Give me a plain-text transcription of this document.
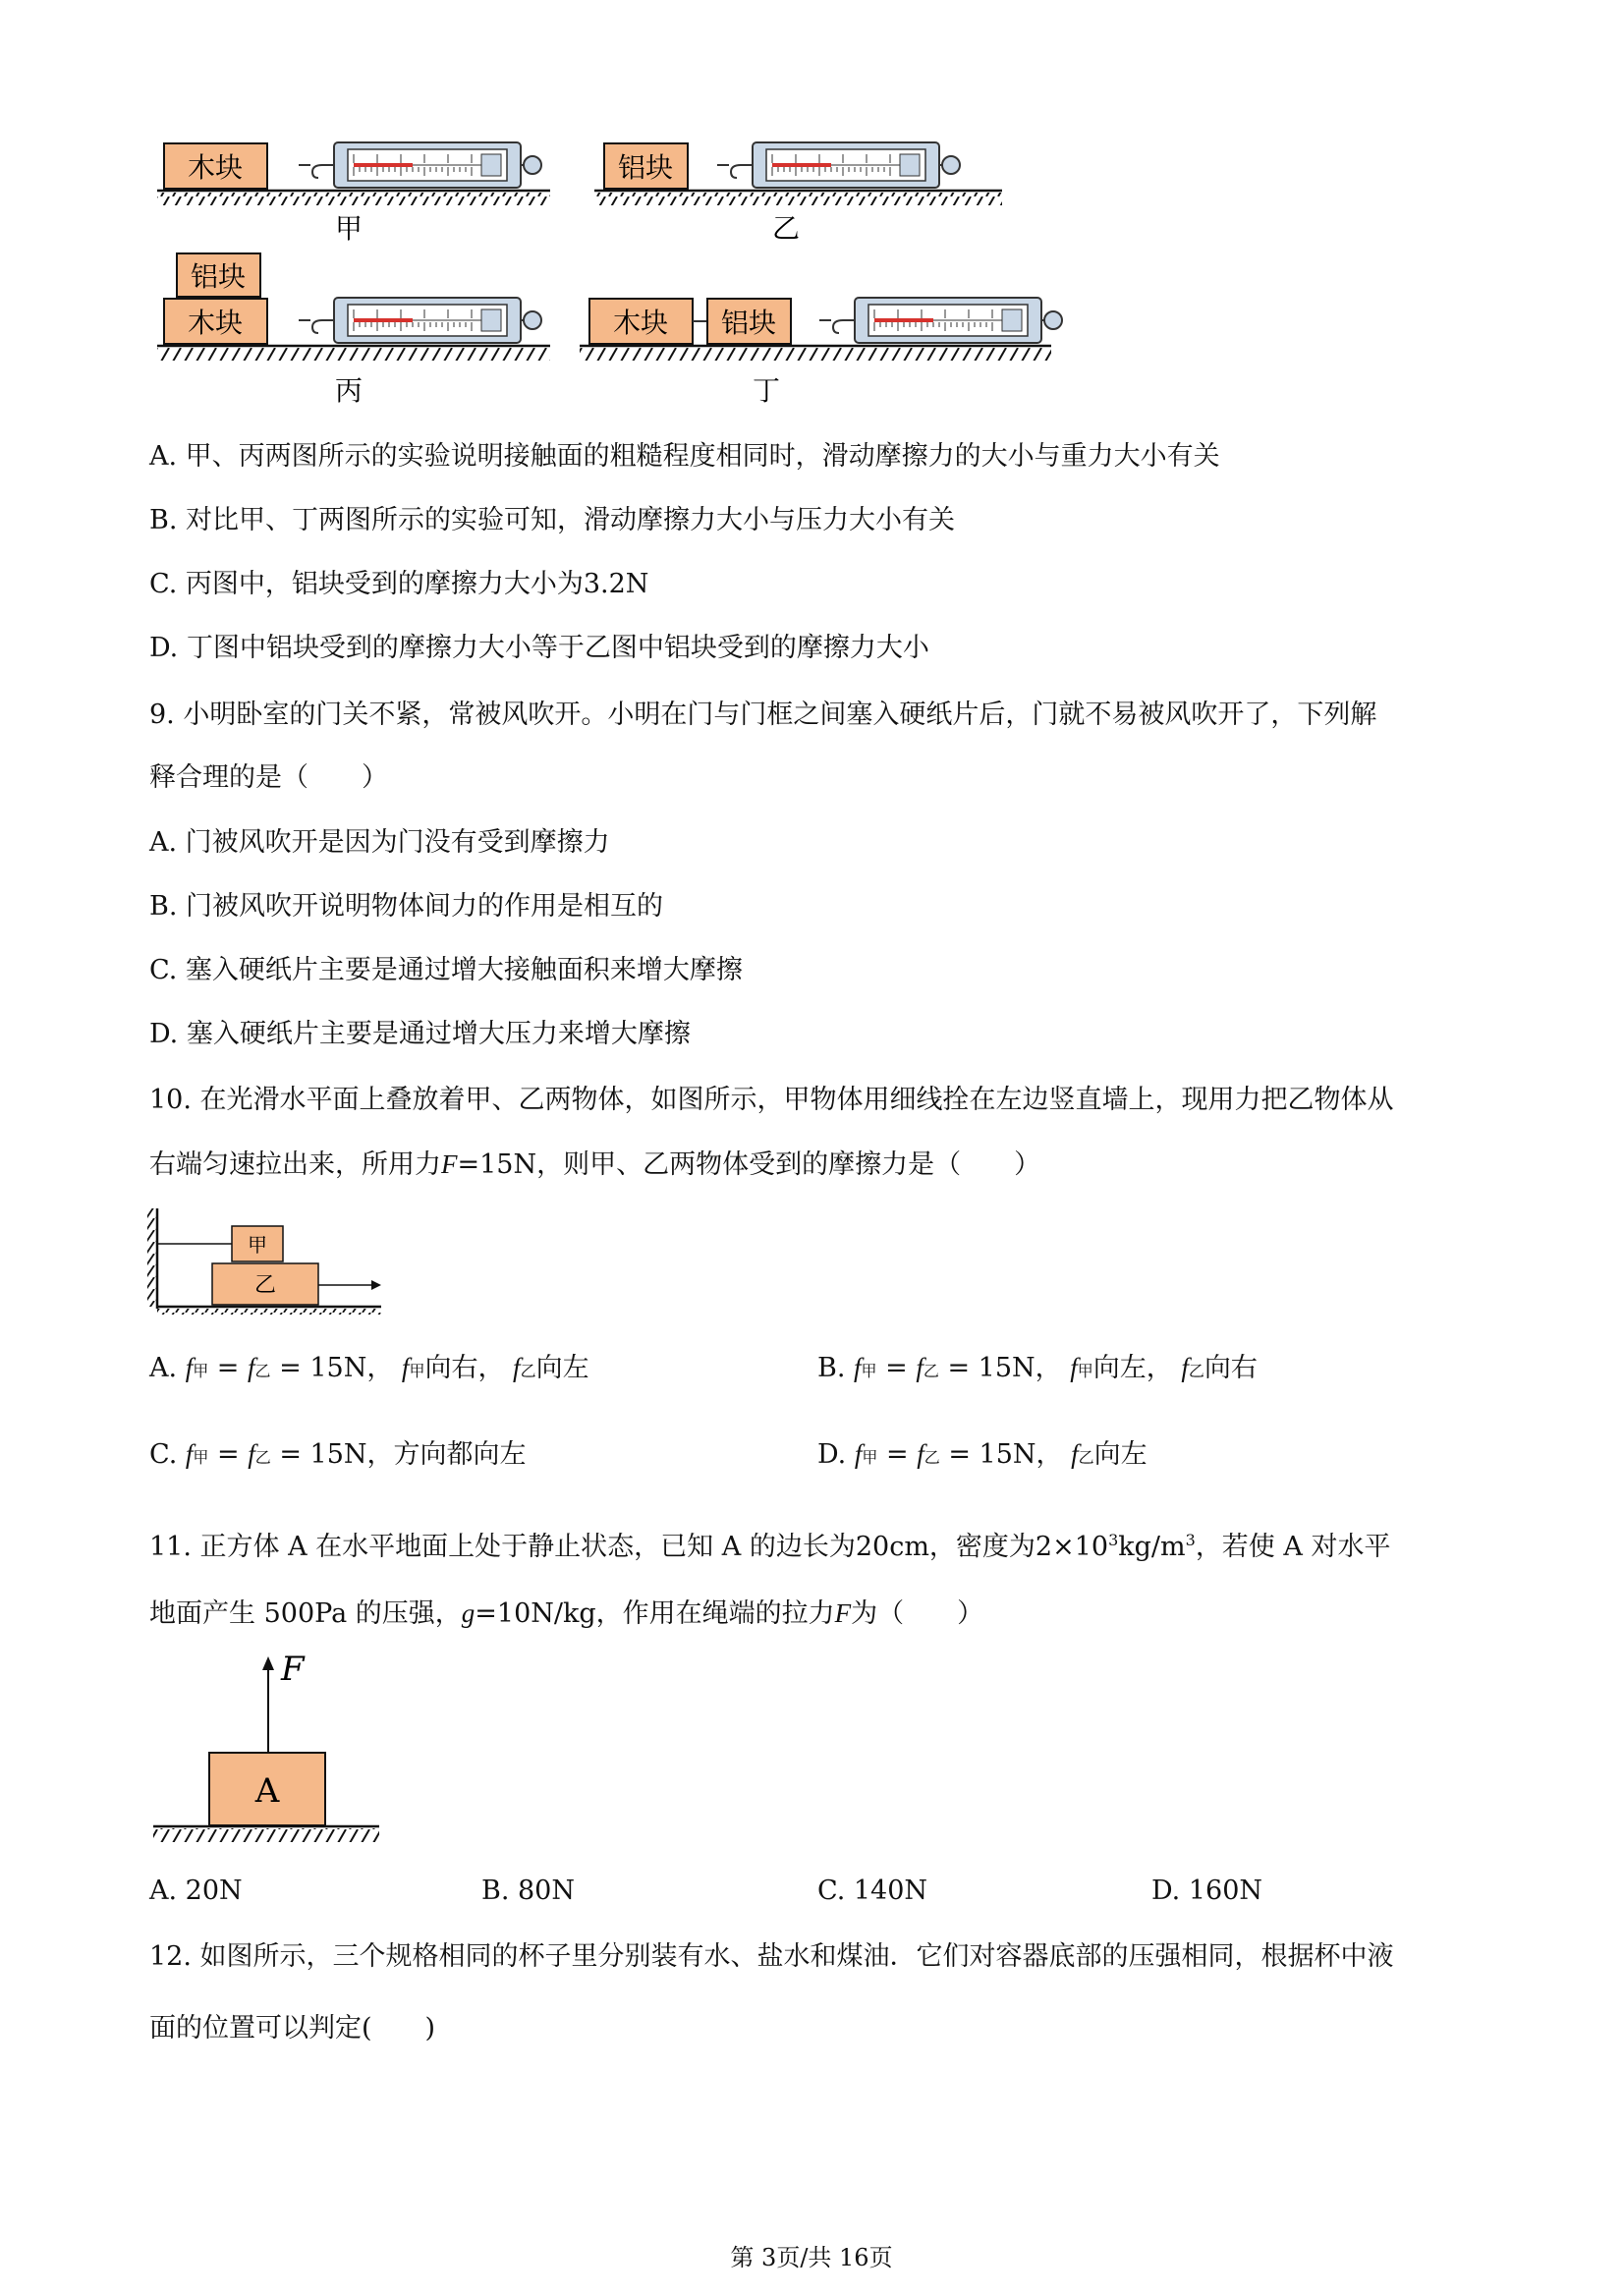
木块
甲
铝块
乙
铝块
木块
丙
木块 铝块
丁
A. 甲、丙两图所示的实验说明接触面的粗糙程度相同时，滑动摩擦力的大小与重力大小有关
B. 对比甲、丁两图所示的实验可知，滑动摩擦力大小与压力大小有关
C. 丙图中，铝块受到的摩擦力大小为3.2N
D. 丁图中铝块受到的摩擦力大小等于乙图中铝块受到的摩擦力大小
9. 小明卧室的门关不紧，常被风吹开。小明在门与门框之间塞入硬纸片后，门就不易被风吹开了，下列解
释合理的是（　　）
A. 门被风吹开是因为门没有受到摩擦力
B. 门被风吹开说明物体间力的作用是相互的
C. 塞入硬纸片主要是通过增大接触面积来增大摩擦
D. 塞入硬纸片主要是通过增大压力来增大摩擦
10. 在光滑水平面上叠放着甲、乙两物体，如图所示，甲物体用细线拴在左边竖直墙上，现用力把乙物体从
右端匀速拉出来，所用力F=15N，则甲、乙两物体受到的摩擦力是（　　）
甲
乙
A. f甲 = f乙 = 15N， f甲向右， f乙向左	B. f甲 = f乙 = 15N， f甲向左， f乙向右
C. f甲 = f乙 = 15N，方向都向左	D. f甲 = f乙 = 15N， f乙向左
11. 正方体 A 在水平地面上处于静止状态，已知 A 的边长为20cm，密度为$2\times 10^3kg/m^3$，若使 A 对水平
地面产生 500Pa 的压强，g=10N/kg，作用在绳端的拉力F为（　　）
F
A
A. 20N	B. 80N	C. 140N	D. 160N
12. 如图所示，三个规格相同的杯子里分别装有水、盐水和煤油．它们对容器底部的压强相同，根据杯中液
面的位置可以判定(　　)
第 3页/共 16页
